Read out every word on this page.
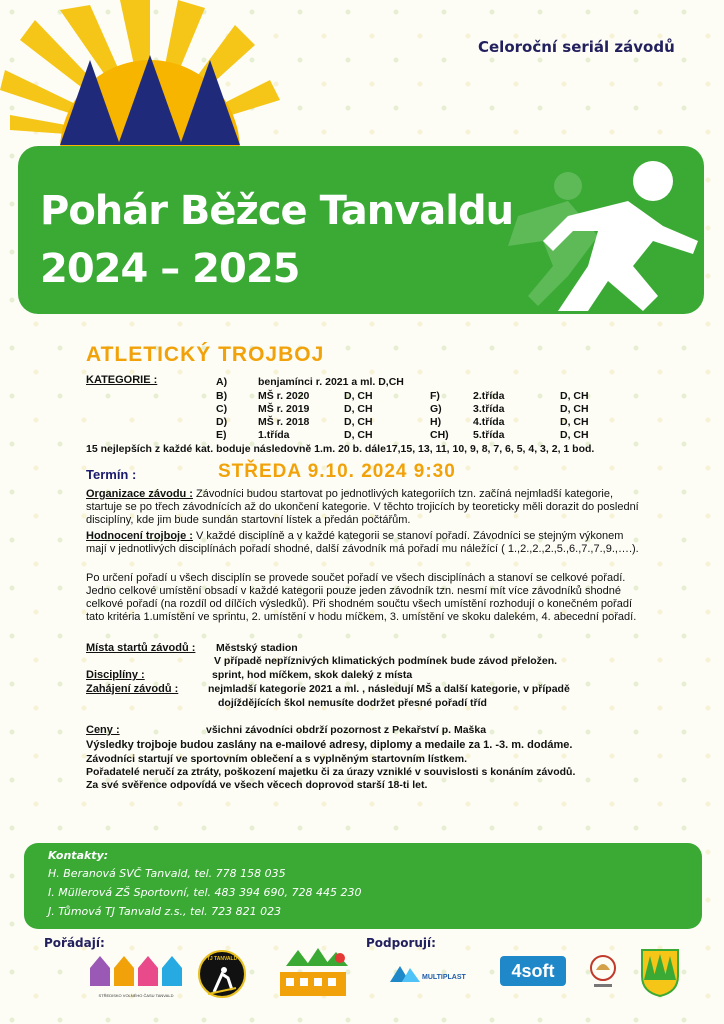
Celoroční seriál závodů
Pohár Běžce Tanvaldu
2024 – 2025
ATLETICKÝ TROJBOJ
KATEGORIE :	A)	benjamínci r. 2021 a ml. D,CH
B)	MŠ r. 2020	D, CH
C)	MŠ r. 2019	D, CH
D)	MŠ r. 2018	D, CH
E)	1.třída	D, CH
F)	2.třída	D, CH
G)	3.třída	D, CH
H)	4.třída	D, CH
CH) 5.třída	D, CH
15 nejlepších z každé kat. boduje následovně 1.m. 20 b. dále17,15, 13, 11, 10, 9, 8, 7, 6, 5, 4, 3, 2, 1 bod.
Termín :	STŘEDA 9.10. 2024 9:30
Organizace závodu : Závodníci budou startovat po jednotlivých kategoriích tzn. začíná nejmladší kategorie, startuje se po třech závodnících až do ukončení kategorie. V těchto trojicích by teoreticky měli dorazit do poslední disciplíny, kde jim bude sundán startovní lístek a předán počtářům.
Hodnocení trojboje : V každé disciplíně a v každé kategorii se stanoví pořadí. Závodníci se stejným výkonem mají v jednotlivých disciplínách pořadí shodné, další závodník má pořadí mu náležící ( 1.,2.,2.,2.,5.,6.,7.,7.,9.,….).
Po určení pořadí u všech disciplín se provede součet pořadí ve všech disciplínách a stanoví se celkové pořadí. Jedno celkové umístění obsadí v každé kategorii pouze jeden závodník tzn. nesmí mít více závodníků shodné celkové pořadí (na rozdíl od dílčích výsledků). Při shodném součtu všech umístění rozhodují o konečném pořadí tato kritéria 1.umístění ve sprintu, 2. umístění v hodu míčkem, 3. umístění ve skoku dalekém, 4. abecední pořadí.
Místa startů závodů : Městský stadion
V případě nepříznivých klimatických podmínek bude závod přeložen.
Disciplíny :	sprint, hod míčkem, skok daleký z místa
Zahájení závodů :	nejmladší kategorie 2021 a ml. , následují MŠ a další kategorie, v případě
dojíždějících škol nemusíte dodržet přesné pořadí tříd
Ceny :	všichni závodníci obdrží pozornost z Pekařství p. Maška
Výsledky trojboje budou zaslány na e-mailové adresy, diplomy a medaile za 1. -3. m. dodáme.
Závodníci startují ve sportovním oblečení a s vyplněným startovním lístkem.
Pořadatelé neručí za ztráty, poškození majetku či za úrazy vzniklé v souvislosti s konáním závodů.
Za své svěřence odpovídá ve všech věcech doprovod starší 18-ti let.
Kontakty:
H. Beranová SVČ Tanvald, tel. 778 158 035
I. Müllerová ZŠ Sportovní, tel. 483 394 690, 728 445 230
J. Tůmová TJ Tanvald z.s., tel. 723 821 023
Pořádají:	Podporují:
STŘEDISKO VOLNÉHO ČASU TANVALD
TJ TANVALD
MULTIPLAST	4soft
